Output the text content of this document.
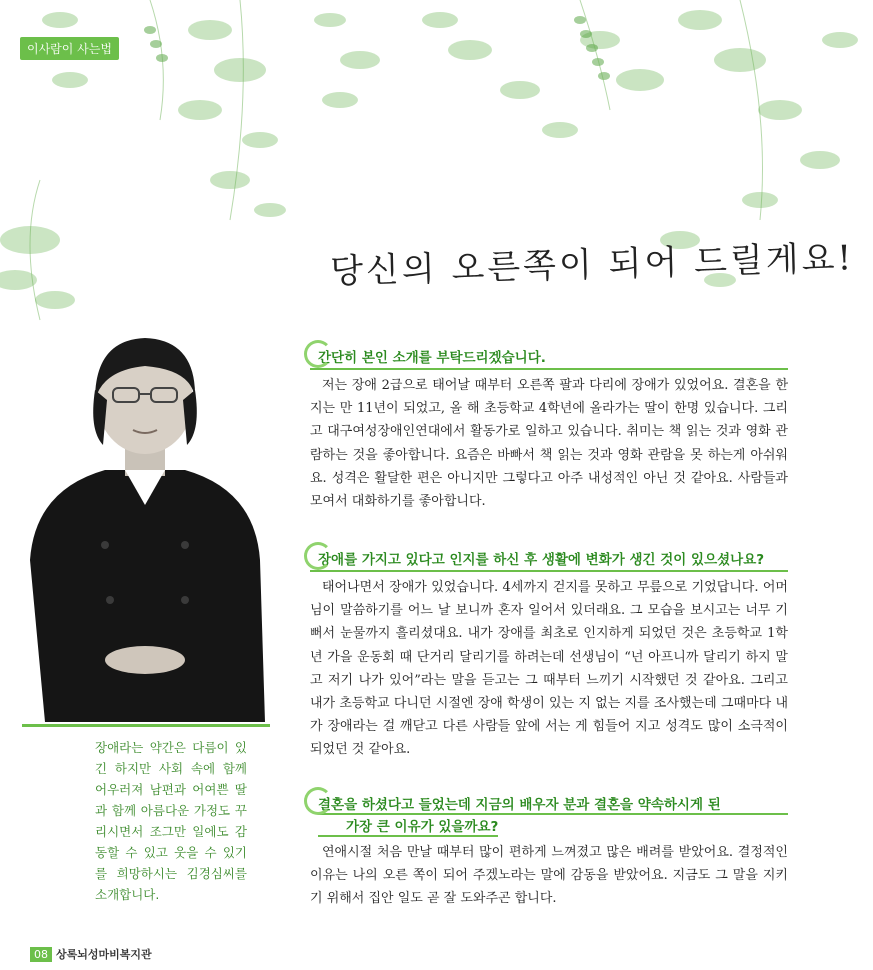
이사람이 사는법
당신의 오른쪽이 되어 드릴게요!
장애라는 약간은 다름이 있긴 하지만 사회 속에 함께 어우러져 남편과 어여쁜 딸과 함께 아름다운 가정도 꾸리시면서 조그만 일에도 감동할 수 있고 웃을 수 있기를 희망하시는 김경심씨를 소개합니다.
간단히 본인 소개를 부탁드리겠습니다.
저는 장애 2급으로 태어날 때부터 오른쪽 팔과 다리에 장애가 있었어요. 결혼을 한 지는 만 11년이 되었고, 올 해 초등학교 4학년에 올라가는 딸이 한명 있습니다. 그리고 대구여성장애인연대에서 활동가로 일하고 있습니다. 취미는 책 읽는 것과 영화 관람하는 것을 좋아합니다. 요즘은 바빠서 책 읽는 것과 영화 관람을 못 하는게 아쉬워요. 성격은 활달한 편은 아니지만 그렇다고 아주 내성적인 아닌 것 같아요. 사람들과 모여서 대화하기를 좋아합니다.
장애를 가지고 있다고 인지를 하신 후 생활에 변화가 생긴 것이 있으셨나요?
태어나면서 장애가 있었습니다. 4세까지 걷지를 못하고 무릎으로 기었답니다. 어머님이 말씀하기를 어느 날 보니까 혼자 일어서 있더래요. 그 모습을 보시고는 너무 기뻐서 눈물까지 흘리셨대요. 내가 장애를 최초로 인지하게 되었던 것은 초등학교 1학년 가을 운동회 때 단거리 달리기를 하려는데 선생님이 “넌 아프니까 달리기 하지 말고 저기 나가 있어”라는 말을 듣고는 그 때부터 느끼기 시작했던 것 같아요. 그리고 내가 초등학교 다니던 시절엔 장애 학생이 있는 지 없는 지를 조사했는데 그때마다 내가 장애라는 걸 깨닫고 다른 사람들 앞에 서는 게 힘들어 지고 성격도 많이 소극적이 되었던 것 같아요.
결혼을 하셨다고 들었는데 지금의 배우자 분과 결혼을 약속하시게 된
가장 큰 이유가 있을까요?
연애시절 처음 만날 때부터 많이 편하게 느껴졌고 많은 배려를 받았어요. 결정적인 이유는 나의 오른 쪽이 되어 주겠노라는 말에 감동을 받았어요. 지금도 그 말을 지키기 위해서 집안 일도 곧 잘 도와주곤 합니다.
08 상록뇌성마비복지관
